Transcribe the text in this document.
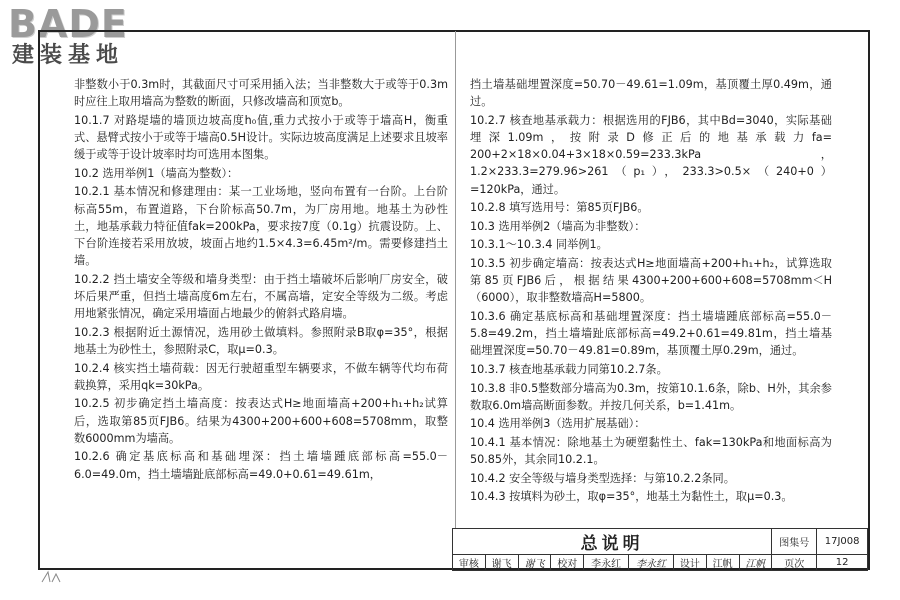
BADE
建装基地

非整数小于0.3m时，其截面尺寸可采用插入法；当非整数大于或等于0.3m时应往上取用墙高为整数的断面，只修改墙高和顶宽b。

10.1.7 对路堤墙的墙顶边坡高度h₀值,重力式按小于或等于墙高H，衡重式、悬臂式按小于或等于墙高0.5H设计。实际边坡高度满足上述要求且坡率缓于或等于设计坡率时均可选用本图集。

10.2 选用举例1（墙高为整数）：

10.2.1 基本情况和修建理由：某一工业场地，竖向布置有一台阶。上台阶标高55m，布置道路，下台阶标高50.7m，为厂房用地。地基土为砂性土，地基承载力特征值fak=200kPa，要求按7度（0.1g）抗震设防。上、下台阶连接若采用放坡，坡面占地约1.5×4.3=6.45m²/m。需要修建挡土墙。

10.2.2 挡土墙安全等级和墙身类型：由于挡土墙破坏后影响厂房安全，破坏后果严重，但挡土墙高度6m左右，不属高墙，定安全等级为二级。考虑用地紧张情况，确定采用墙面占地最少的俯斜式路肩墙。

10.2.3 根据附近土源情况，选用砂土做填料。参照附录B取φ=35°，根据地基土为砂性土，参照附录C，取μ=0.3。

10.2.4 核实挡土墙荷载：因无行驶超重型车辆要求，不做车辆等代均布荷载换算，采用qk=30kPa。

10.2.5 初步确定挡土墙高度：按表达式H≥地面墙高+200+h₁+h₂试算后，选取第85页FJB6。结果为4300+200+600+608=5708mm，取整数6000mm为墙高。

10.2.6 确定基底标高和基础埋深：挡土墙墙踵底部标高=55.0－6.0=49.0m，挡土墙墙趾底部标高=49.0+0.61=49.61m，

挡土墙基础埋置深度=50.70－49.61=1.09m，基顶覆土厚0.49m，通过。

10.2.7 核查地基承载力：根据选用的FJB6，其中Bd=3040，实际基础埋深1.09m，按附录D修正后的地基承载力fa= 200+2×18×0.04+3×18×0.59=233.3kPa，1.2×233.3=279.96>261（p₁），233.3>0.5×（240+0）=120kPa，通过。

10.2.8 填写选用号：第85页FJB6。

10.3 选用举例2（墙高为非整数）：

10.3.1～10.3.4 同举例1。

10.3.5 初步确定墙高：按表达式H≥地面墙高+200+h₁+h₂，试算选取第85页FJB6后，根据结果4300+200+600+608=5708mm＜H（6000），取非整数墙高H=5800。

10.3.6 确定基底标高和基础埋置深度：挡土墙墙踵底部标高=55.0－5.8=49.2m，挡土墙墙趾底部标高=49.2+0.61=49.81m，挡土墙基础埋置深度=50.70－49.81=0.89m，基顶覆土厚0.29m，通过。

10.3.7 核查地基承载力同第10.2.7条。

10.3.8 非0.5整数部分墙高为0.3m，按第10.1.6条，除b、H外，其余参数取6.0m墙高断面参数。并按几何关系，b=1.41m。

10.4 选用举例3（选用扩展基础）：

10.4.1 基本情况：除地基土为硬塑黏性土、fak=130kPa和地面标高为50.85外，其余同10.2.1。

10.4.2 安全等级与墙身类型选择：与第10.2.2条同。

10.4.3 按填料为砂土，取φ=35°，地基土为黏性土，取μ=0.3。

总说明									图集号	17J008
审核	谢飞	谢飞	校对	李永红	李永红	设计	江帆	江帆	页次	12
